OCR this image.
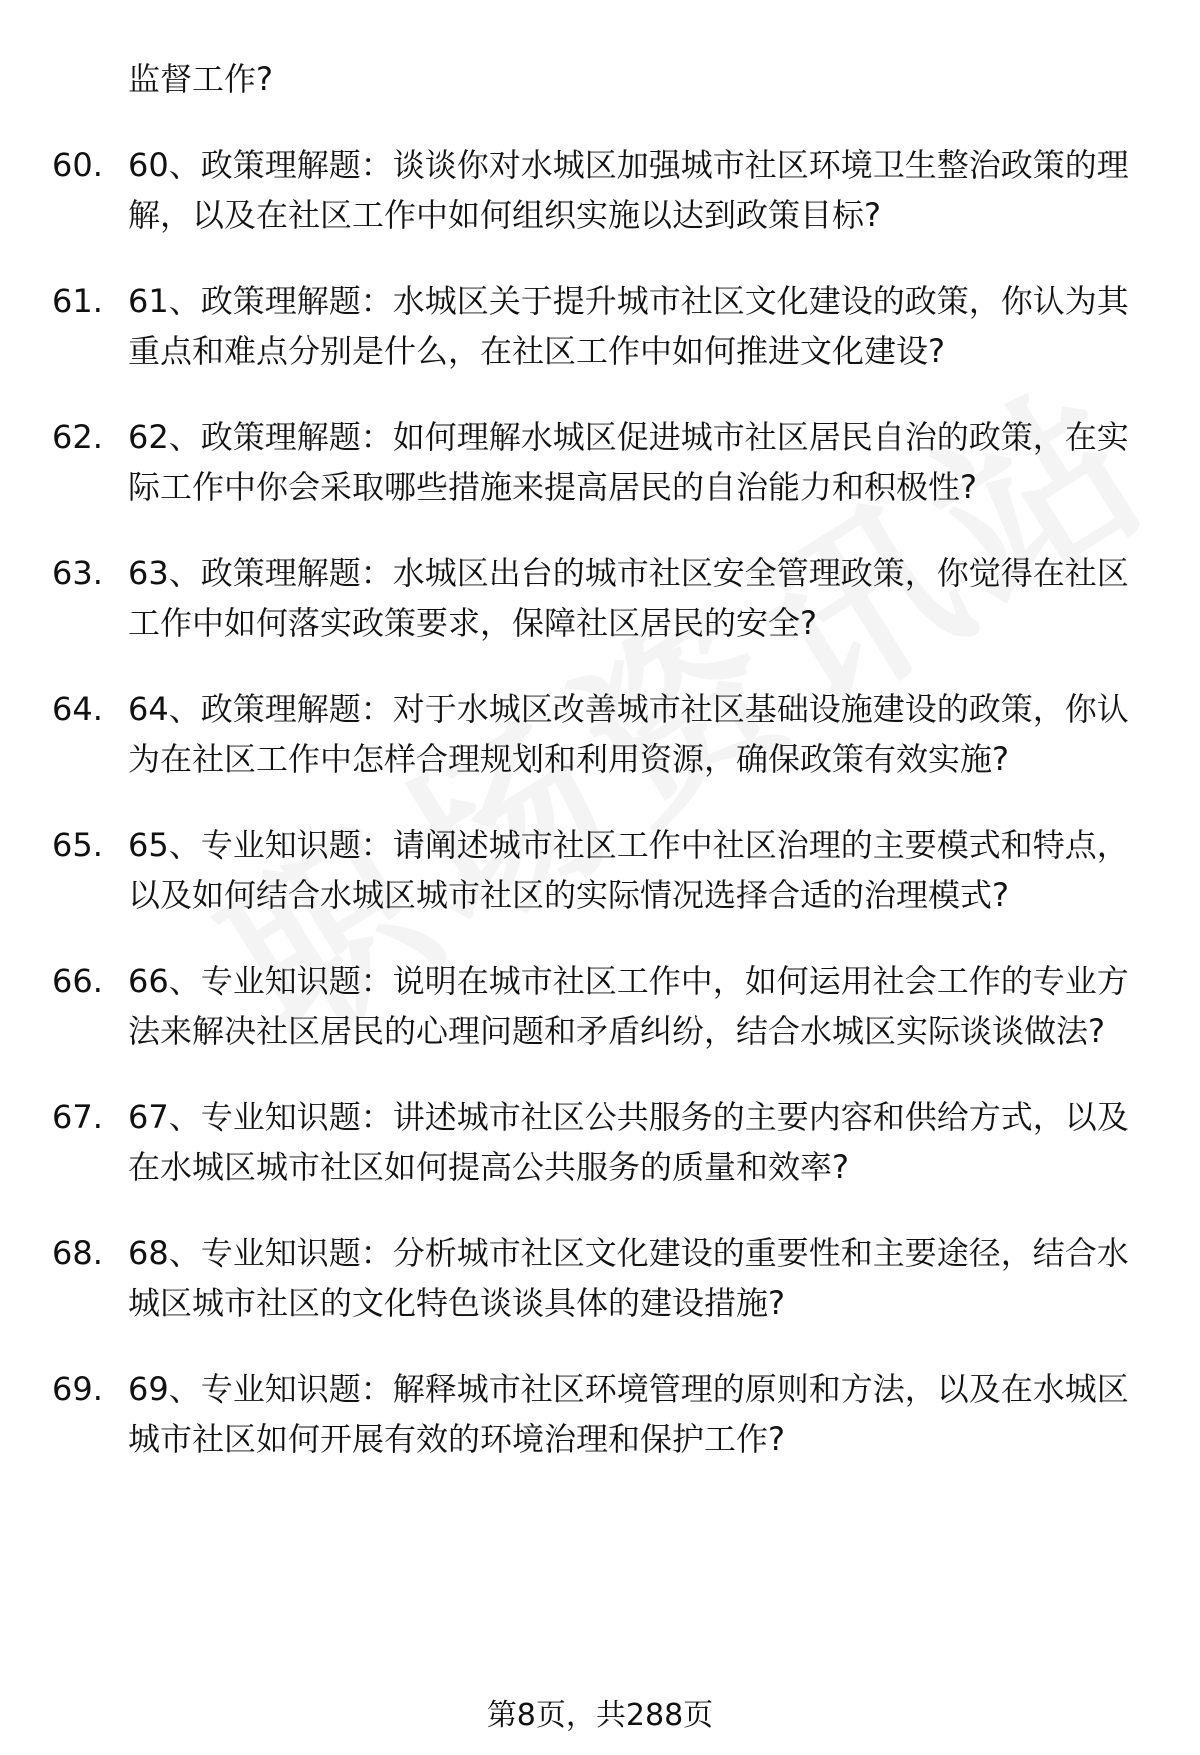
监督工作?
60. 60、政策理解题：谈谈你对水城区加强城市社区环境卫生整治政策的理解，以及在社区工作中如何组织实施以达到政策目标?
61. 61、政策理解题：水城区关于提升城市社区文化建设的政策，你认为其重点和难点分别是什么，在社区工作中如何推进文化建设?
62. 62、政策理解题：如何理解水城区促进城市社区居民自治的政策，在实际工作中你会采取哪些措施来提高居民的自治能力和积极性?
63. 63、政策理解题：水城区出台的城市社区安全管理政策，你觉得在社区工作中如何落实政策要求，保障社区居民的安全?
64. 64、政策理解题：对于水城区改善城市社区基础设施建设的政策，你认为在社区工作中怎样合理规划和利用资源，确保政策有效实施?
65. 65、专业知识题：请阐述城市社区工作中社区治理的主要模式和特点，以及如何结合水城区城市社区的实际情况选择合适的治理模式?
66. 66、专业知识题：说明在城市社区工作中，如何运用社会工作的专业方法来解决社区居民的心理问题和矛盾纠纷，结合水城区实际谈谈做法?
67. 67、专业知识题：讲述城市社区公共服务的主要内容和供给方式，以及在水城区城市社区如何提高公共服务的质量和效率?
68. 68、专业知识题：分析城市社区文化建设的重要性和主要途径，结合水城区城市社区的文化特色谈谈具体的建设措施?
69. 69、专业知识题：解释城市社区环境管理的原则和方法，以及在水城区城市社区如何开展有效的环境治理和保护工作?
第8页，共288页
